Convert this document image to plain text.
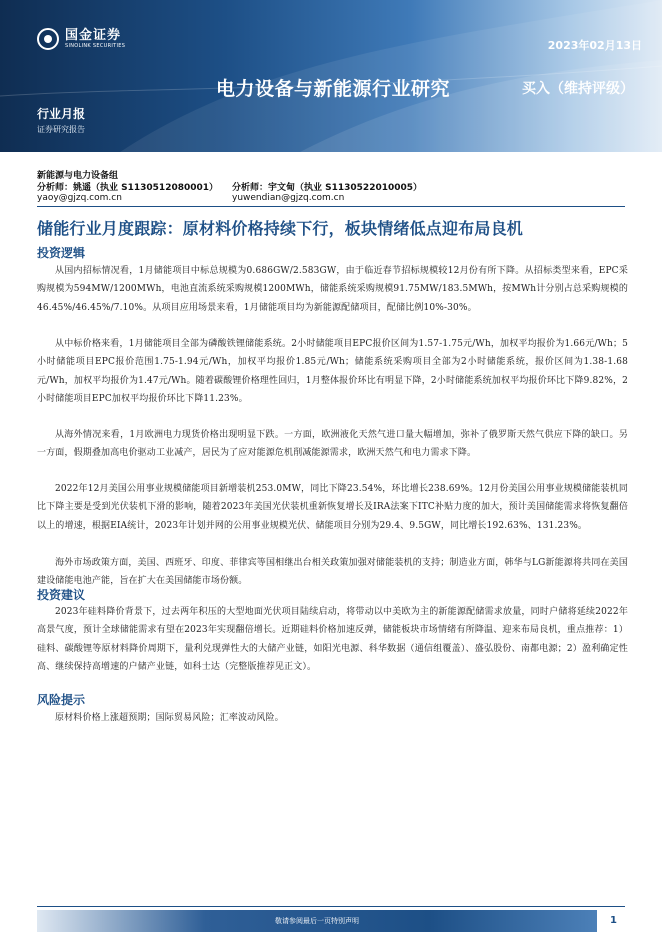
国金证券
SINOLINK SECURITIES	2023年02月13日
电力设备与新能源行业研究	买入（维持评级）
行业月报
证券研究报告
新能源与电力设备组
分析师：姚遥（执业 S1130512080001） 分析师：宇文甸（执业 S1130522010005）
yaoy@gjzq.com.cn	yuwendian@gjzq.com.cn
储能行业月度跟踪：原材料价格持续下行，板块情绪低点迎布局良机
投资逻辑
从国内招标情况看，1月储能项目中标总规模为0.686GW/2.583GW，由于临近春节招标规模较12月份有所下降。从招标类型来看，EPC采购规模为594MW/1200MWh，电池直流系统采购规模1200MWh，储能系统采购规模91.75MW/183.5MWh，按MWh计分别占总采购规模的46.45%/46.45%/7.10%。从项目应用场景来看，1月储能项目均为新能源配储项目，配储比例10%-30%。
从中标价格来看，1月储能项目全部为磷酸铁锂储能系统。2小时储能项目EPC报价区间为1.57-1.75元/Wh，加权平均报价为1.66元/Wh；5小时储能项目EPC报价范围1.75-1.94元/Wh，加权平均报价1.85元/Wh；储能系统采购项目全部为2小时储能系统，报价区间为1.38-1.68元/Wh，加权平均报价为1.47元/Wh。随着碳酸锂价格理性回归，1月整体报价环比有明显下降，2小时储能系统加权平均报价环比下降9.82%，2小时储能项目EPC加权平均报价环比下降11.23%。
从海外情况来看，1月欧洲电力现货价格出现明显下跌。一方面，欧洲液化天然气进口量大幅增加，弥补了俄罗斯天然气供应下降的缺口。另一方面，假期叠加高电价驱动工业减产，居民为了应对能源危机削减能源需求，欧洲天然气和电力需求下降。
2022年12月美国公用事业规模储能项目新增装机253.0MW，同比下降23.54%，环比增长238.69%。12月份美国公用事业规模储能装机同比下降主要是受到光伏装机下滑的影响，随着2023年美国光伏装机重新恢复增长及IRA法案下ITC补贴力度的加大，预计美国储能需求将恢复翻倍以上的增速，根据EIA统计，2023年计划并网的公用事业规模光伏、储能项目分别为29.4、9.5GW，同比增长192.63%、131.23%。
海外市场政策方面，美国、西班牙、印度、菲律宾等国相继出台相关政策加强对储能装机的支持；制造业方面，韩华与LG新能源将共同在美国建设储能电池产能，旨在扩大在美国储能市场份额。
投资建议
2023年硅料降价背景下，过去两年积压的大型地面光伏项目陆续启动，将带动以中美欧为主的新能源配储需求放量，同时户储将延续2022年高景气度，预计全球储能需求有望在2023年实现翻倍增长。近期硅料价格加速反弹，储能板块市场情绪有所降温、迎来布局良机，重点推荐：1）硅料、碳酸锂等原材料降价周期下，量利兑现弹性大的大储产业链，如阳光电源、科华数据（通信组覆盖）、盛弘股份、南都电源；2）盈利确定性高、继续保持高增速的户储产业链，如科士达（完整版推荐见正文）。
风险提示
原材料价格上涨超预期；国际贸易风险；汇率波动风险。
敬请参阅最后一页特别声明	1
